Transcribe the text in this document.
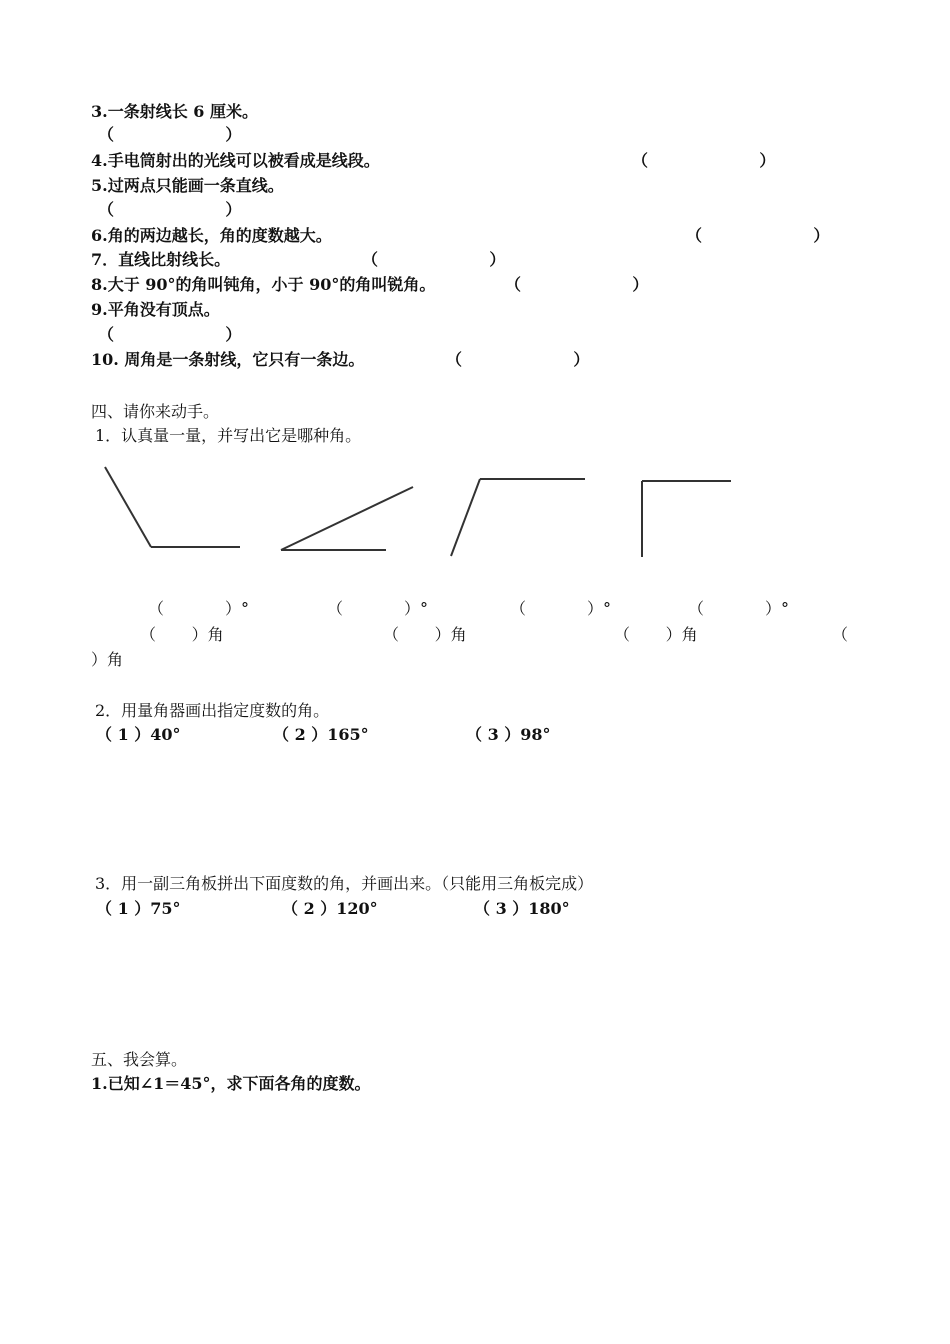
3.一条射线长 6 厘米。
（                    ）
4.手电筒射出的光线可以被看成是线段。	（                    ）
5.过两点只能画一条直线。
（                    ）
6.角的两边越长，角的度数越大。	（                    ）
7．直线比射线长。	（                    ）
8.大于 90°的角叫钝角，小于 90°的角叫锐角。	（                    ）
9.平角没有顶点。
（                    ）
10. 周角是一条射线，它只有一条边。	（                    ）
四、请你来动手。
1．认真量一量，并写出它是哪种角。
（            ）°	（            ）°	（            ）°	（            ）°
（       ）角	（       ）角	（       ）角	（
）角
2．用量角器画出指定度数的角。
（ 1 ）40°	（ 2 ）165°	（ 3 ）98°
3．用一副三角板拼出下面度数的角，并画出来。（只能用三角板完成）
（ 1 ）75°	（ 2 ）120°	（ 3 ）180°
五、我会算。
1.已知∠1＝45°，求下面各角的度数。
